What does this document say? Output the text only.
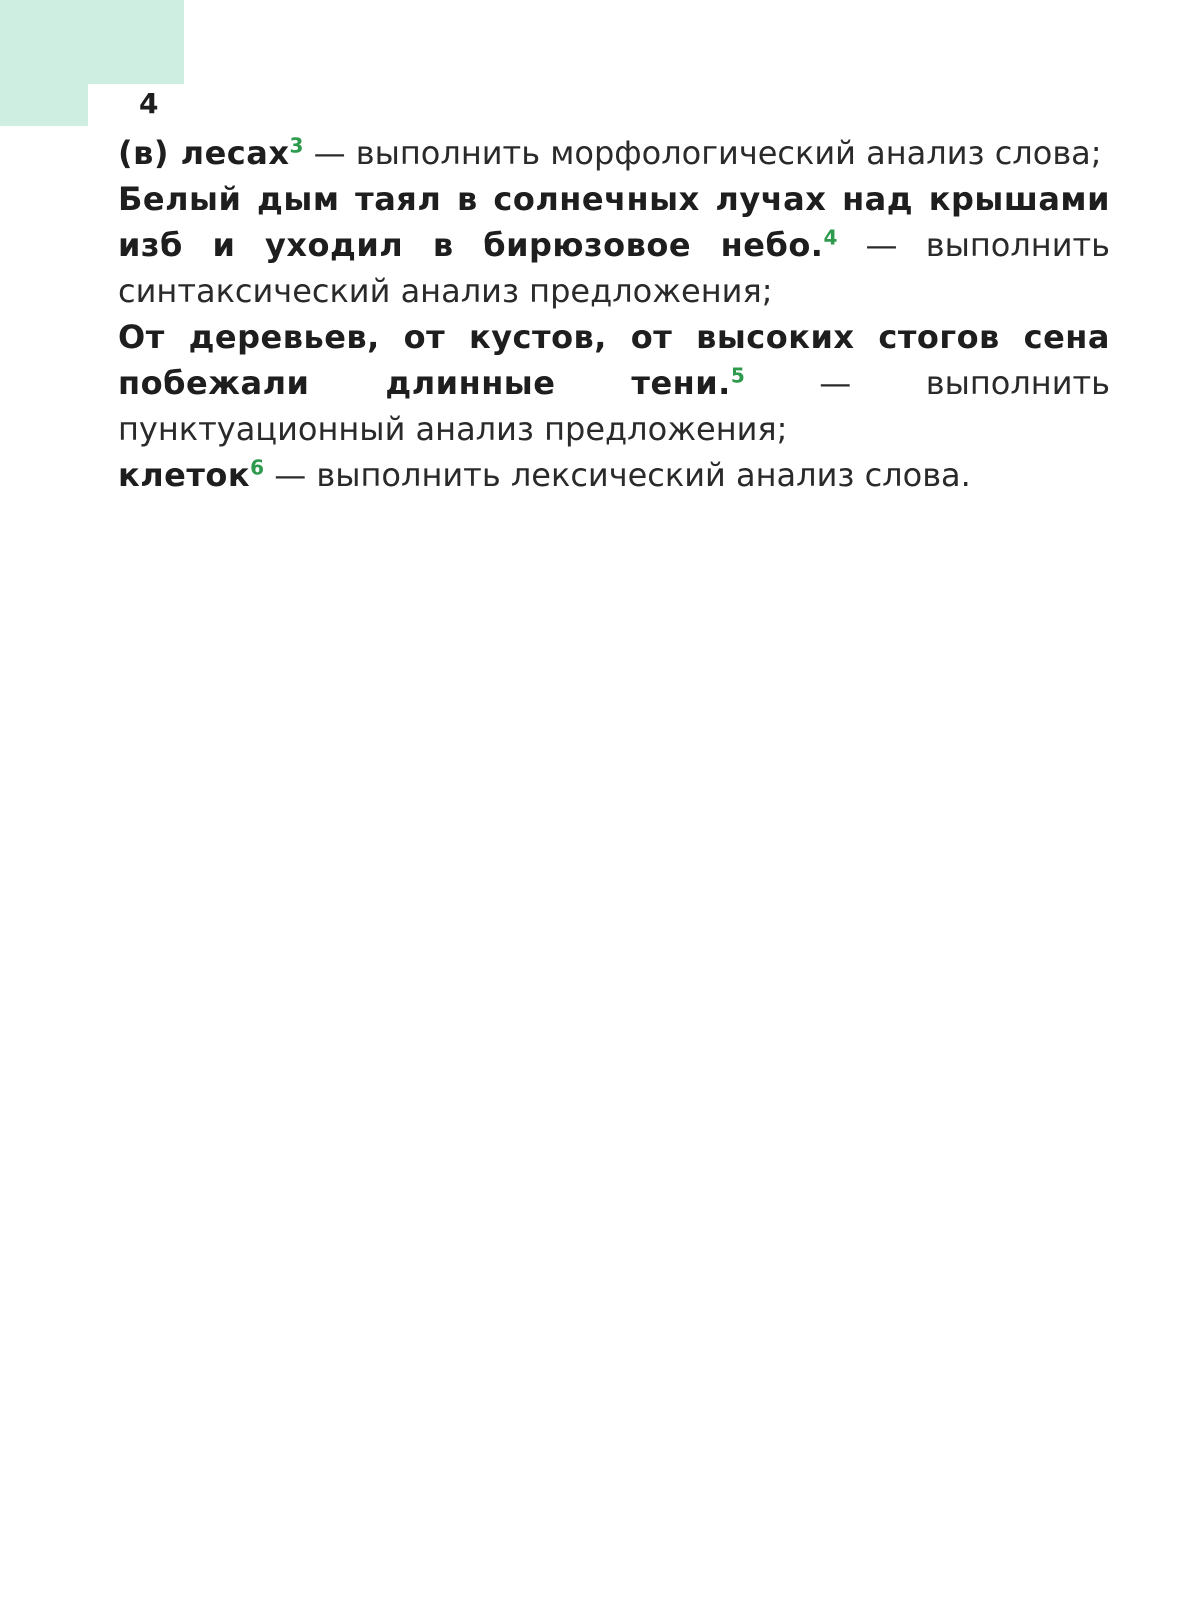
4

(в) лесах$^3$ — выполнить морфологический анализ слова;

Белый дым таял в солнечных лучах над крышами изб и уходил в бирюзовое небо.$^4$ — выполнить синтаксический анализ предложения;

От деревьев, от кустов, от высоких стогов сена побежали длинные тени.$^5$ — выполнить пунктуационный анализ предложения;

клеток$^6$ — выполнить лексический анализ слова.
